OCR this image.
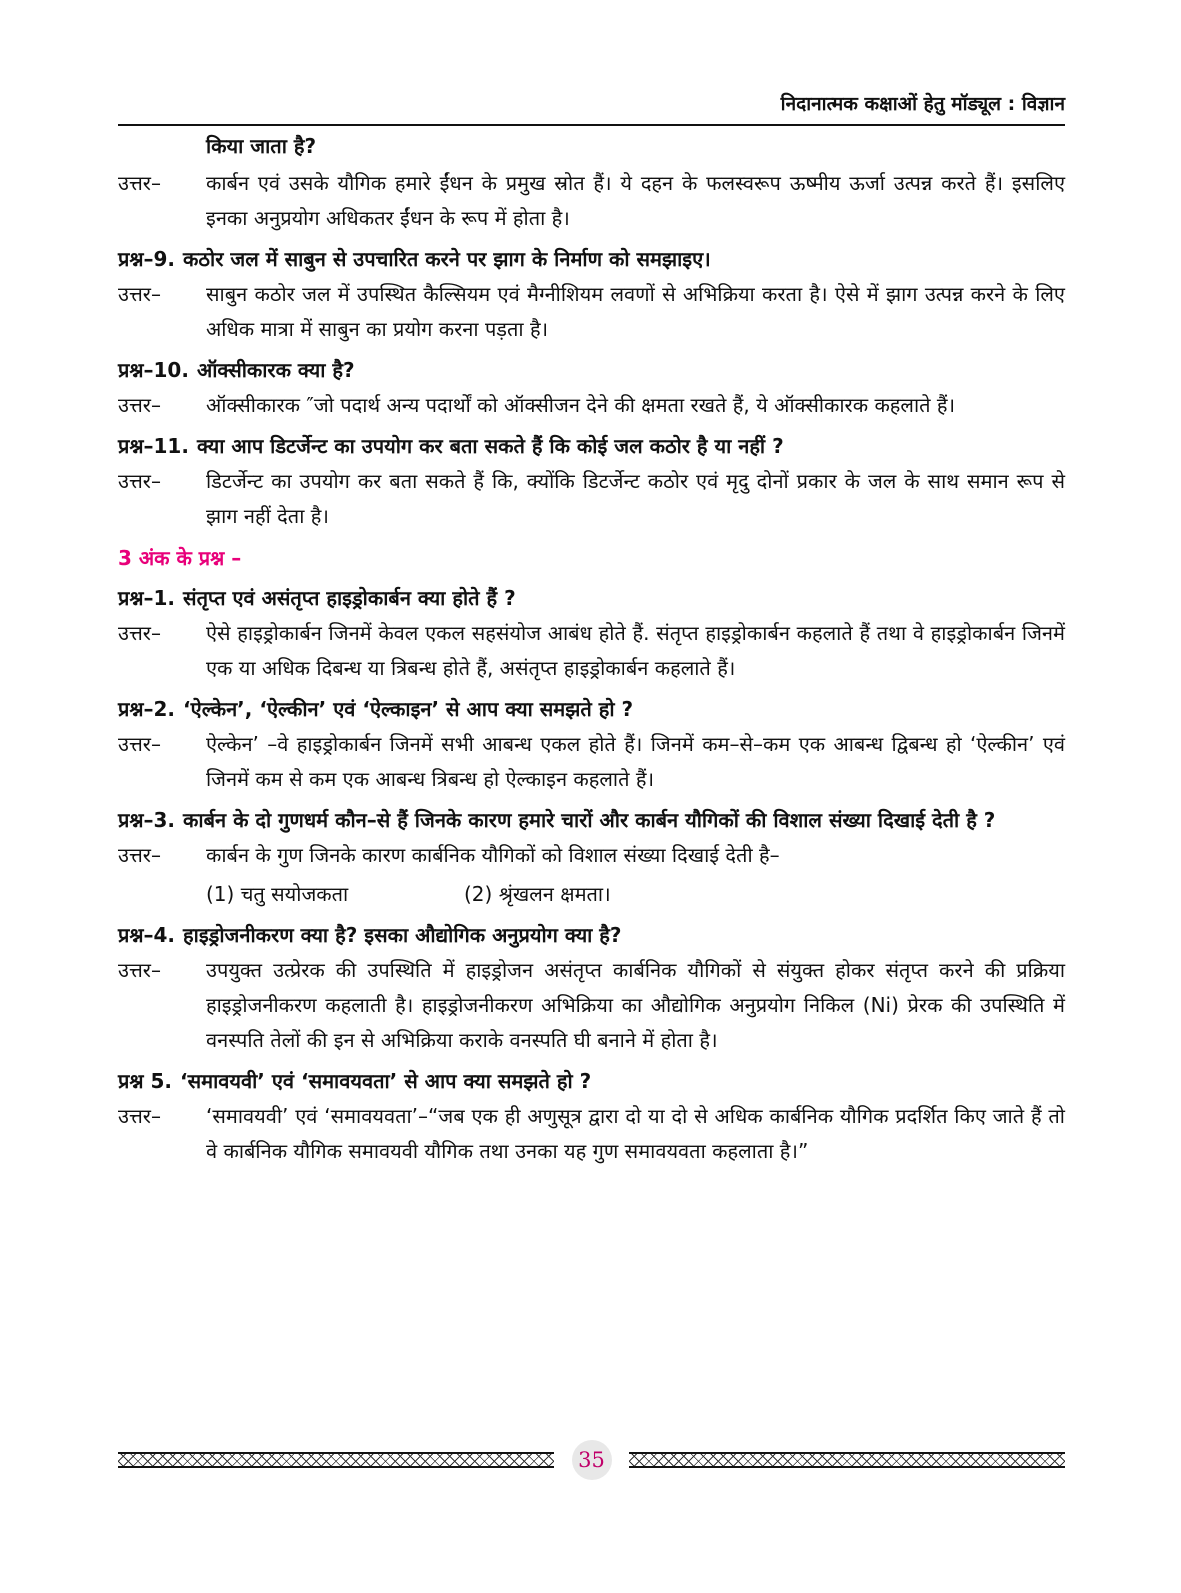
निदानात्मक कक्षाओं हेतु मॉड्यूल : विज्ञान
किया जाता है?
उत्तर–	कार्बन एवं उसके यौगिक हमारे ईंधन के प्रमुख स्रोत हैं। ये दहन के फलस्वरूप ऊष्मीय ऊर्जा उत्पन्न करते हैं। इसलिए इनका अनुप्रयोग अधिकतर ईंधन के रूप में होता है।
प्रश्न–9. कठोर जल में साबुन से उपचारित करने पर झाग के निर्माण को समझाइए।
उत्तर–	साबुन कठोर जल में उपस्थित कैल्सियम एवं मैग्नीशियम लवणों से अभिक्रिया करता है। ऐसे में झाग उत्पन्न करने के लिए अधिक मात्रा में साबुन का प्रयोग करना पड़ता है।
प्रश्न–10. ऑक्सीकारक क्या है?
उत्तर–	ऑक्सीकारक ″जो पदार्थ अन्य पदार्थों को ऑक्सीजन देने की क्षमता रखते हैं, ये ऑक्सीकारक कहलाते हैं।
प्रश्न–11. क्या आप डिटर्जेन्ट का उपयोग कर बता सकते हैं कि कोई जल कठोर है या नहीं ?
उत्तर–	डिटर्जेन्ट का उपयोग कर बता सकते हैं कि, क्योंकि डिटर्जेन्ट कठोर एवं मृदु दोनों प्रकार के जल के साथ समान रूप से झाग नहीं देता है।
3 अंक के प्रश्न –
प्रश्न–1. संतृप्त एवं असंतृप्त हाइड्रोकार्बन क्या होते हैं ?
उत्तर–	ऐसे हाइड्रोकार्बन जिनमें केवल एकल सहसंयोज आबंध होते हैं. संतृप्त हाइड्रोकार्बन कहलाते हैं तथा वे हाइड्रोकार्बन जिनमें एक या अधिक दिबन्ध या त्रिबन्ध होते हैं, असंतृप्त हाइड्रोकार्बन कहलाते हैं।
प्रश्न–2. ‘ऐल्केन’, ‘ऐल्कीन’ एवं ‘ऐल्काइन’ से आप क्या समझते हो ?
उत्तर–	ऐल्केन’ –वे हाइड्रोकार्बन जिनमें सभी आबन्ध एकल होते हैं। जिनमें कम–से–कम एक आबन्ध द्विबन्ध हो ‘ऐल्कीन’ एवं जिनमें कम से कम एक आबन्ध त्रिबन्ध हो ऐल्काइन कहलाते हैं।
प्रश्न–3. कार्बन के दो गुणधर्म कौन–से हैं जिनके कारण हमारे चारों और कार्बन यौगिकों की विशाल संख्या दिखाई देती है ?
उत्तर–	कार्बन के गुण जिनके कारण कार्बनिक यौगिकों को विशाल संख्या दिखाई देती है–
(1) चतु सयोजकता	(2) श्रृंखलन क्षमता।
प्रश्न–4. हाइड्रोजनीकरण क्या है? इसका औद्योगिक अनुप्रयोग क्या है?
उत्तर–	उपयुक्त उत्प्रेरक की उपस्थिति में हाइड्रोजन असंतृप्त कार्बनिक यौगिकों से संयुक्त होकर संतृप्त करने की प्रक्रिया हाइड्रोजनीकरण कहलाती है। हाइड्रोजनीकरण अभिक्रिया का औद्योगिक अनुप्रयोग निकिल (Ni) प्रेरक की उपस्थिति में वनस्पति तेलों की इन से अभिक्रिया कराके वनस्पति घी बनाने में होता है।
प्रश्न 5. ‘समावयवी’ एवं ‘समावयवता’ से आप क्या समझते हो ?
उत्तर–	‘समावयवी’ एवं ‘समावयवता’–“जब एक ही अणुसूत्र द्वारा दो या दो से अधिक कार्बनिक यौगिक प्रदर्शित किए जाते हैं तो वे कार्बनिक यौगिक समावयवी यौगिक तथा उनका यह गुण समावयवता कहलाता है।”
35
